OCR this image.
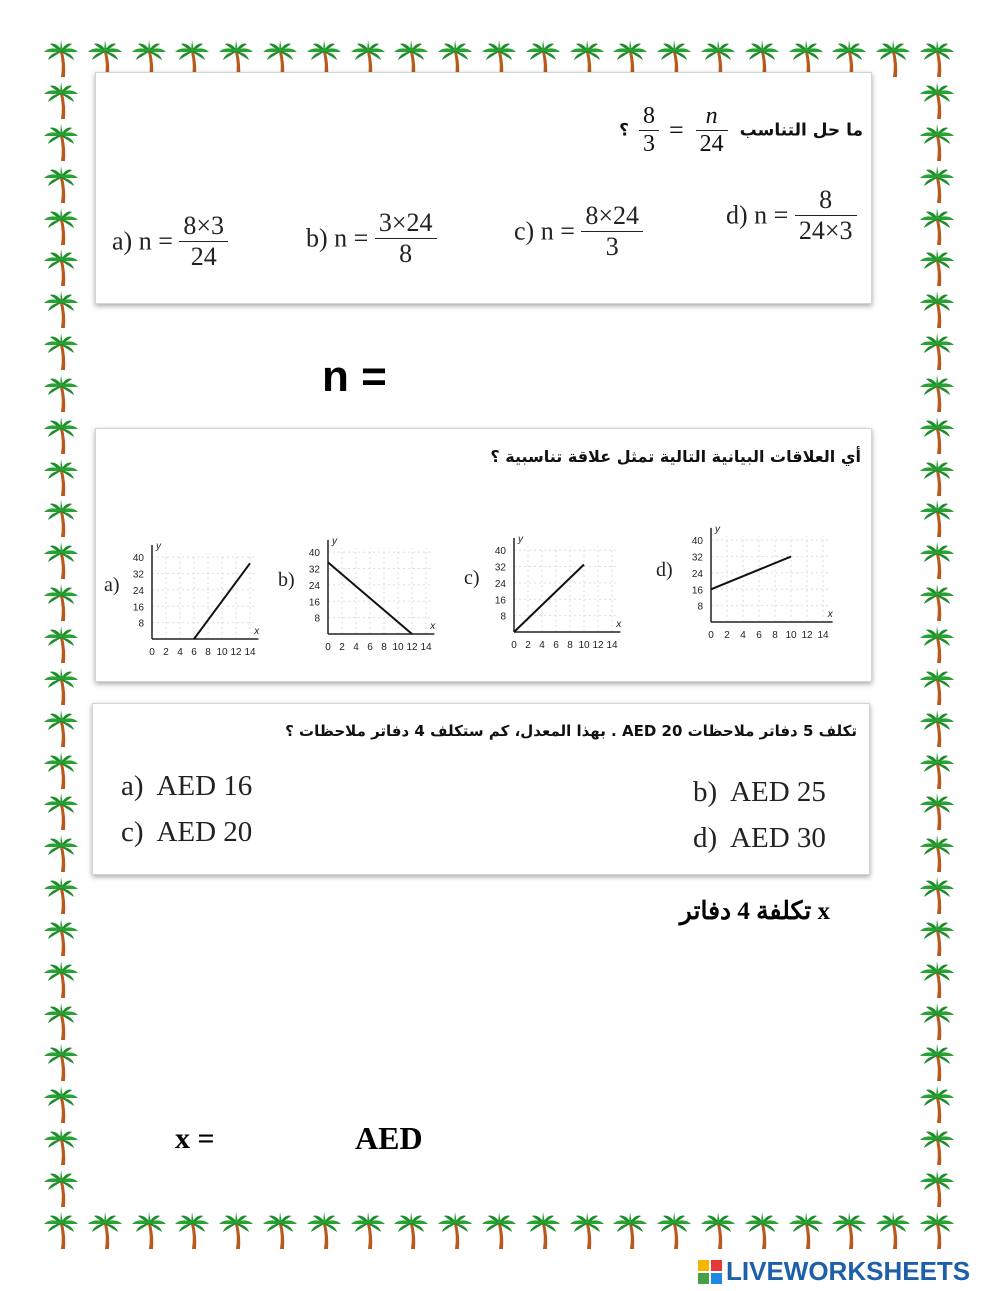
ما حل التناسب
$\frac{n}{24}$
=
$\frac{8}{3}$
؟
a) $n = \frac{8\times 3}{24}$	b) $n = \frac{3\times 24}{8}$	c) $n = \frac{8\times 24}{3}$	d) $n = \frac{8}{24\times 3}$
n =
أي العلاقات البيانية التالية تمثل علاقة تناسبية ؟
a)
x
y
0 2 4 6 8 10 12 14
8
16
24
32
40
b)
x
y
0 2 4 6 8 10 12 14
8
16
24
32
40
c)
x
y
0 2 4 6 8 10 12 14
8
16
24
32
40
d)
x
y
0 2 4 6 8 10 12 14
8
16
24
32
40
تكلف 5 دفاتر ملاحظات AED 20 . بهذا المعدل، كم ستكلف 4 دفاتر ملاحظات ؟
a) AED 16	b) AED 25
c) AED 20	d) AED 30
x تكلفة 4 دفاتر
x =	AED
LIVEWORKSHEETS
